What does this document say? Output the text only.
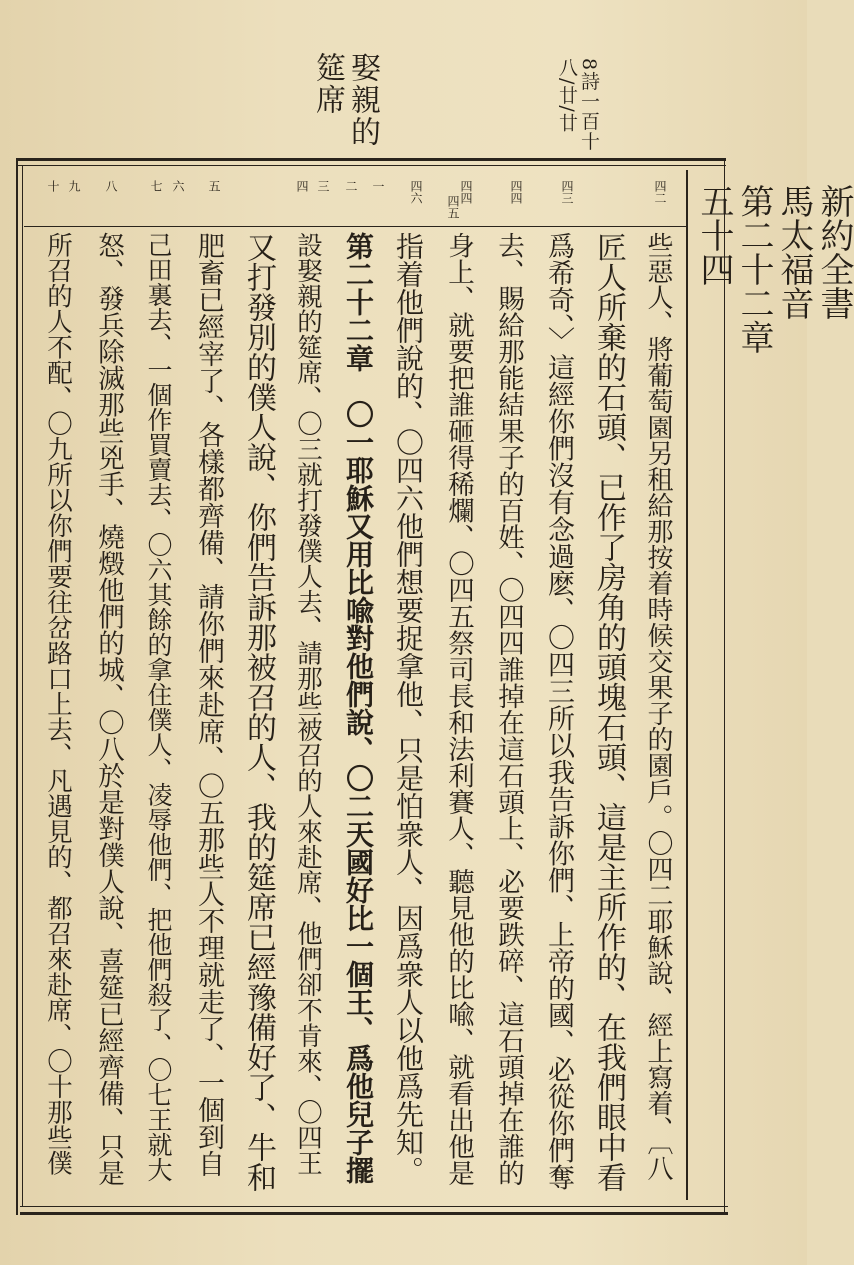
娶親的
筵席	8詩一百十
八/廿/廿
四二
四三
四四
四四
四五
四六
一
二
三
四
五
六
七
八
九
十	新約全書
馬太福音
第二十二章
五十四
些惡人、將葡萄園另租給那按着時候交果子的園戶。〇四二耶穌說、經上寫着、〔八
匠人所棄的石頭、已作了房角的頭塊石頭、這是主所作的、在我們眼中看
爲希奇、〉這經你們沒有念過麽、〇四三所以我告訴你們、上帝的國、必從你們奪
去、賜給那能結果子的百姓、〇四四誰掉在這石頭上、必要跌碎、這石頭掉在誰的
身上、就要把誰砸得稀爛、〇四五祭司長和法利賽人、聽見他的比喩、就看出他是
指着他們說的、〇四六他們想要捉拿他、只是怕衆人、因爲衆人以他爲先知。
第二十二章　〇一耶穌又用比喩對他們說、〇二天國好比一個王、爲他兒子擺
設娶親的筵席、〇三就打發僕人去、請那些被召的人來赴席、他們卻不肯來、〇四王
又打發別的僕人說、你們告訴那被召的人、我的筵席已經豫備好了、牛和
肥畜已經宰了、各樣都齊備、請你們來赴席、〇五那些人不理就走了、一個到自
己田裏去、一個作買賣去、〇六其餘的拿住僕人、凌辱他們、把他們殺了、〇七王就大
怒、發兵除滅那些兇手、燒燬他們的城、〇八於是對僕人說、喜筵已經齊備、只是
所召的人不配、〇九所以你們要往岔路口上去、凡遇見的、都召來赴席、〇十那些僕
